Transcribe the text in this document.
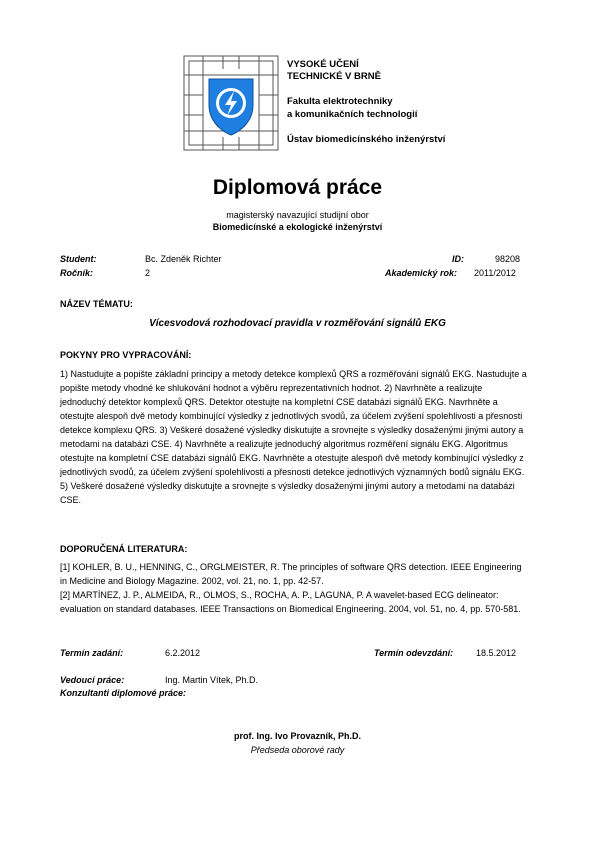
VYSOKÉ UČENÍ
TECHNICKÉ V BRNĚ
Fakulta elektrotechniky
a komunikačních technologií
Ústav biomedicínského inženýrství
Diplomová práce
magisterský navazující studijní obor
Biomedicínské a ekologické inženýrství
Student:	Bc. Zdeněk Richter	ID:	98208
Ročník:	2	Akademický rok: 2011/2012
NÁZEV TÉMATU:
Vícesvodová rozhodovací pravidla v rozměřování signálů EKG
POKYNY PRO VYPRACOVÁNÍ:
1) Nastudujte a popište základní principy a metody detekce komplexů QRS a rozměřování signálů EKG. Nastudujte a popište metody vhodné ke shlukování hodnot a výběru reprezentativních hodnot. 2) Navrhněte a realizujte jednoduchý detektor komplexů QRS. Detektor otestujte na kompletní CSE databázi signálů EKG. Navrhněte a otestujte alespoň dvě metody kombinující výsledky z jednotlivých svodů, za účelem zvýšení spolehlivosti a přesnosti detekce komplexu QRS. 3) Veškeré dosažené výsledky diskutujte a srovnejte s výsledky dosaženými jinými autory a metodami na databázi CSE. 4) Navrhněte a realizujte jednoduchý algoritmus rozměření signálu EKG. Algoritmus otestujte na kompletní CSE databázi signálů EKG. Navrhněte a otestujte alespoň dvě metody kombinující výsledky z jednotlivých svodů, za účelem zvýšení spolehlivosti a přesnosti detekce jednotlivých významných bodů signálu EKG. 5) Veškeré dosažené výsledky diskutujte a srovnejte s výsledky dosaženými jinými autory a metodami na databázi CSE.
DOPORUČENÁ LITERATURA:

[1] KOHLER, B. U., HENNING, C., ORGLMEISTER, R. The principles of software QRS detection. IEEE Engineering in Medicine and Biology Magazine. 2002, vol. 21, no. 1, pp. 42-57.

[2] MARTÍNEZ, J. P., ALMEIDA, R., OLMOS, S., ROCHA, A. P., LAGUNA, P. A wavelet-based ECG delineator: evaluation on standard databases. IEEE Transactions on Biomedical Engineering. 2004, vol. 51, no. 4, pp. 570-581.

Termín zadání:	6.2.2012	Termín odevzdání:	18.5.2012
Vedoucí práce:	Ing. Martin Vítek, Ph.D.
Konzultanti diplomové práce:
prof. Ing. Ivo Provazník, Ph.D.
Předseda oborové rady
